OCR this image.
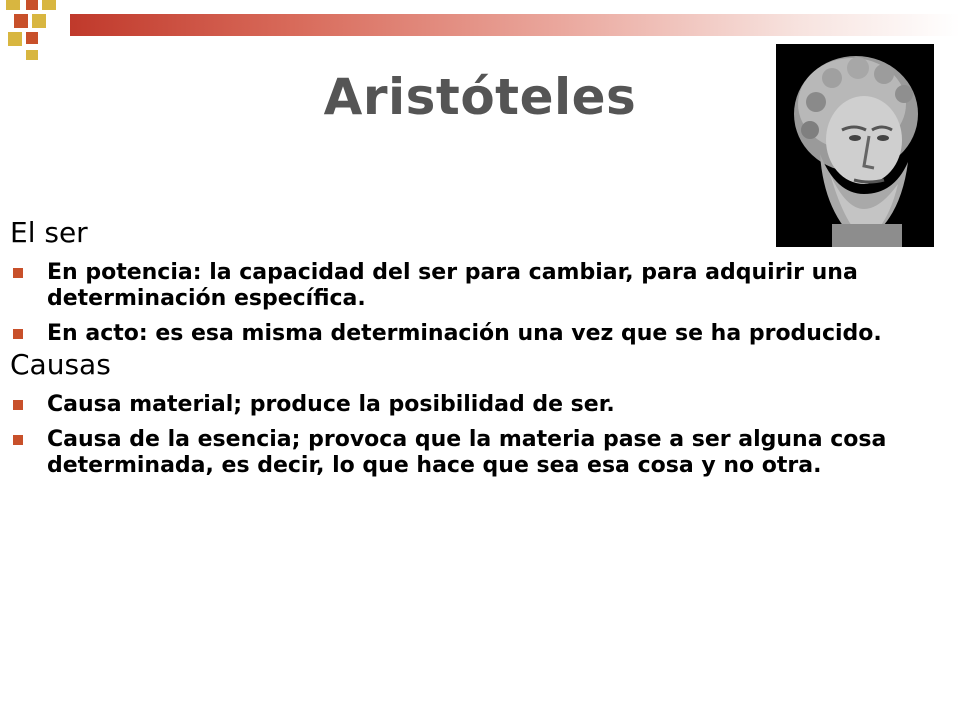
Aristóteles
El ser
En potencia: la capacidad del ser para cambiar, para adquirir una determinación específica.
En acto: es esa misma determinación una vez que se ha producido.
Causas
Causa material; produce la posibilidad de ser.
Causa de la esencia; provoca que la materia pase a ser alguna cosa determinada, es decir, lo que hace que sea esa cosa y no otra.
